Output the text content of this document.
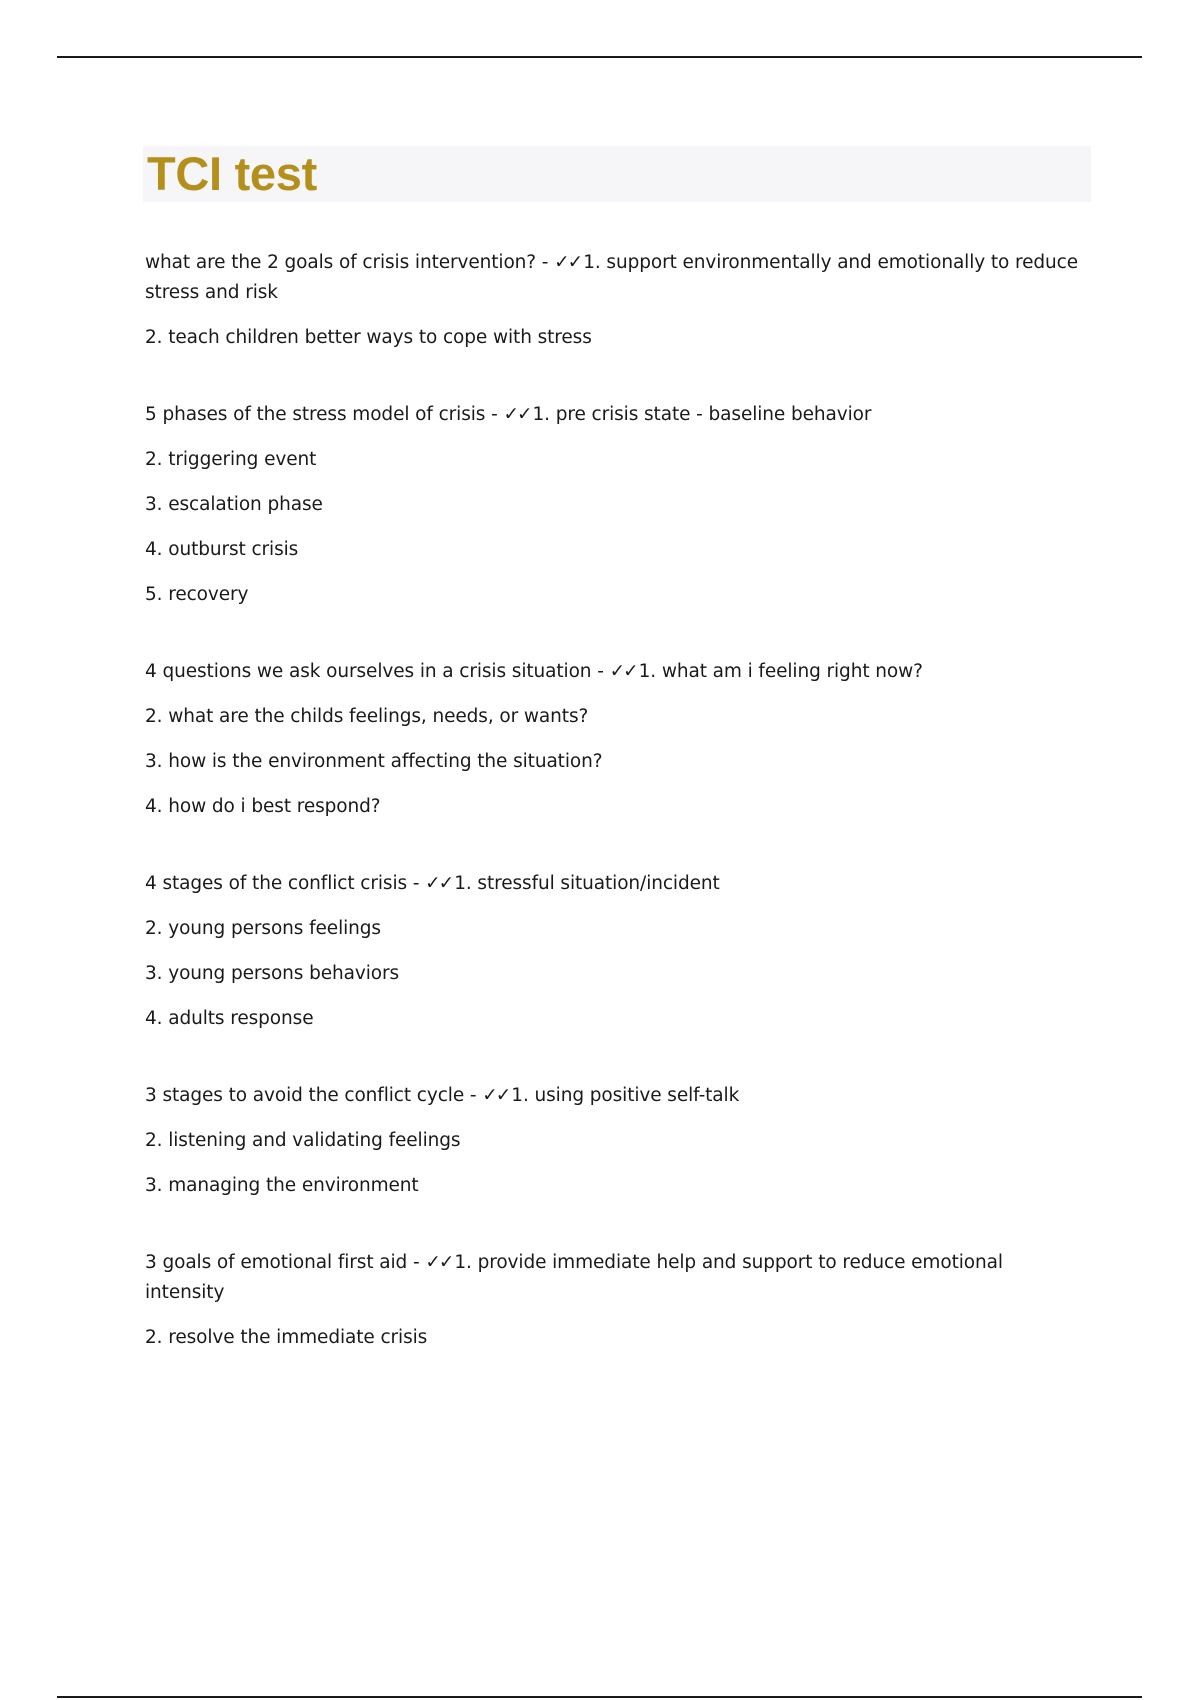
TCI test

what are the 2 goals of crisis intervention? - ✓✓ 1. support environmentally and emotionally to reduce stress and risk

2. teach children better ways to cope with stress

5 phases of the stress model of crisis - ✓✓ 1. pre crisis state - baseline behavior

2. triggering event

3. escalation phase

4. outburst crisis

5. recovery

4 questions we ask ourselves in a crisis situation - ✓✓ 1. what am i feeling right now?

2. what are the childs feelings, needs, or wants?

3. how is the environment affecting the situation?

4. how do i best respond?

4 stages of the conflict crisis - ✓✓ 1. stressful situation/incident

2. young persons feelings

3. young persons behaviors

4. adults response

3 stages to avoid the conflict cycle - ✓✓ 1. using positive self-talk

2. listening and validating feelings

3. managing the environment

3 goals of emotional first aid - ✓✓ 1. provide immediate help and support to reduce emotional intensity

2. resolve the immediate crisis
